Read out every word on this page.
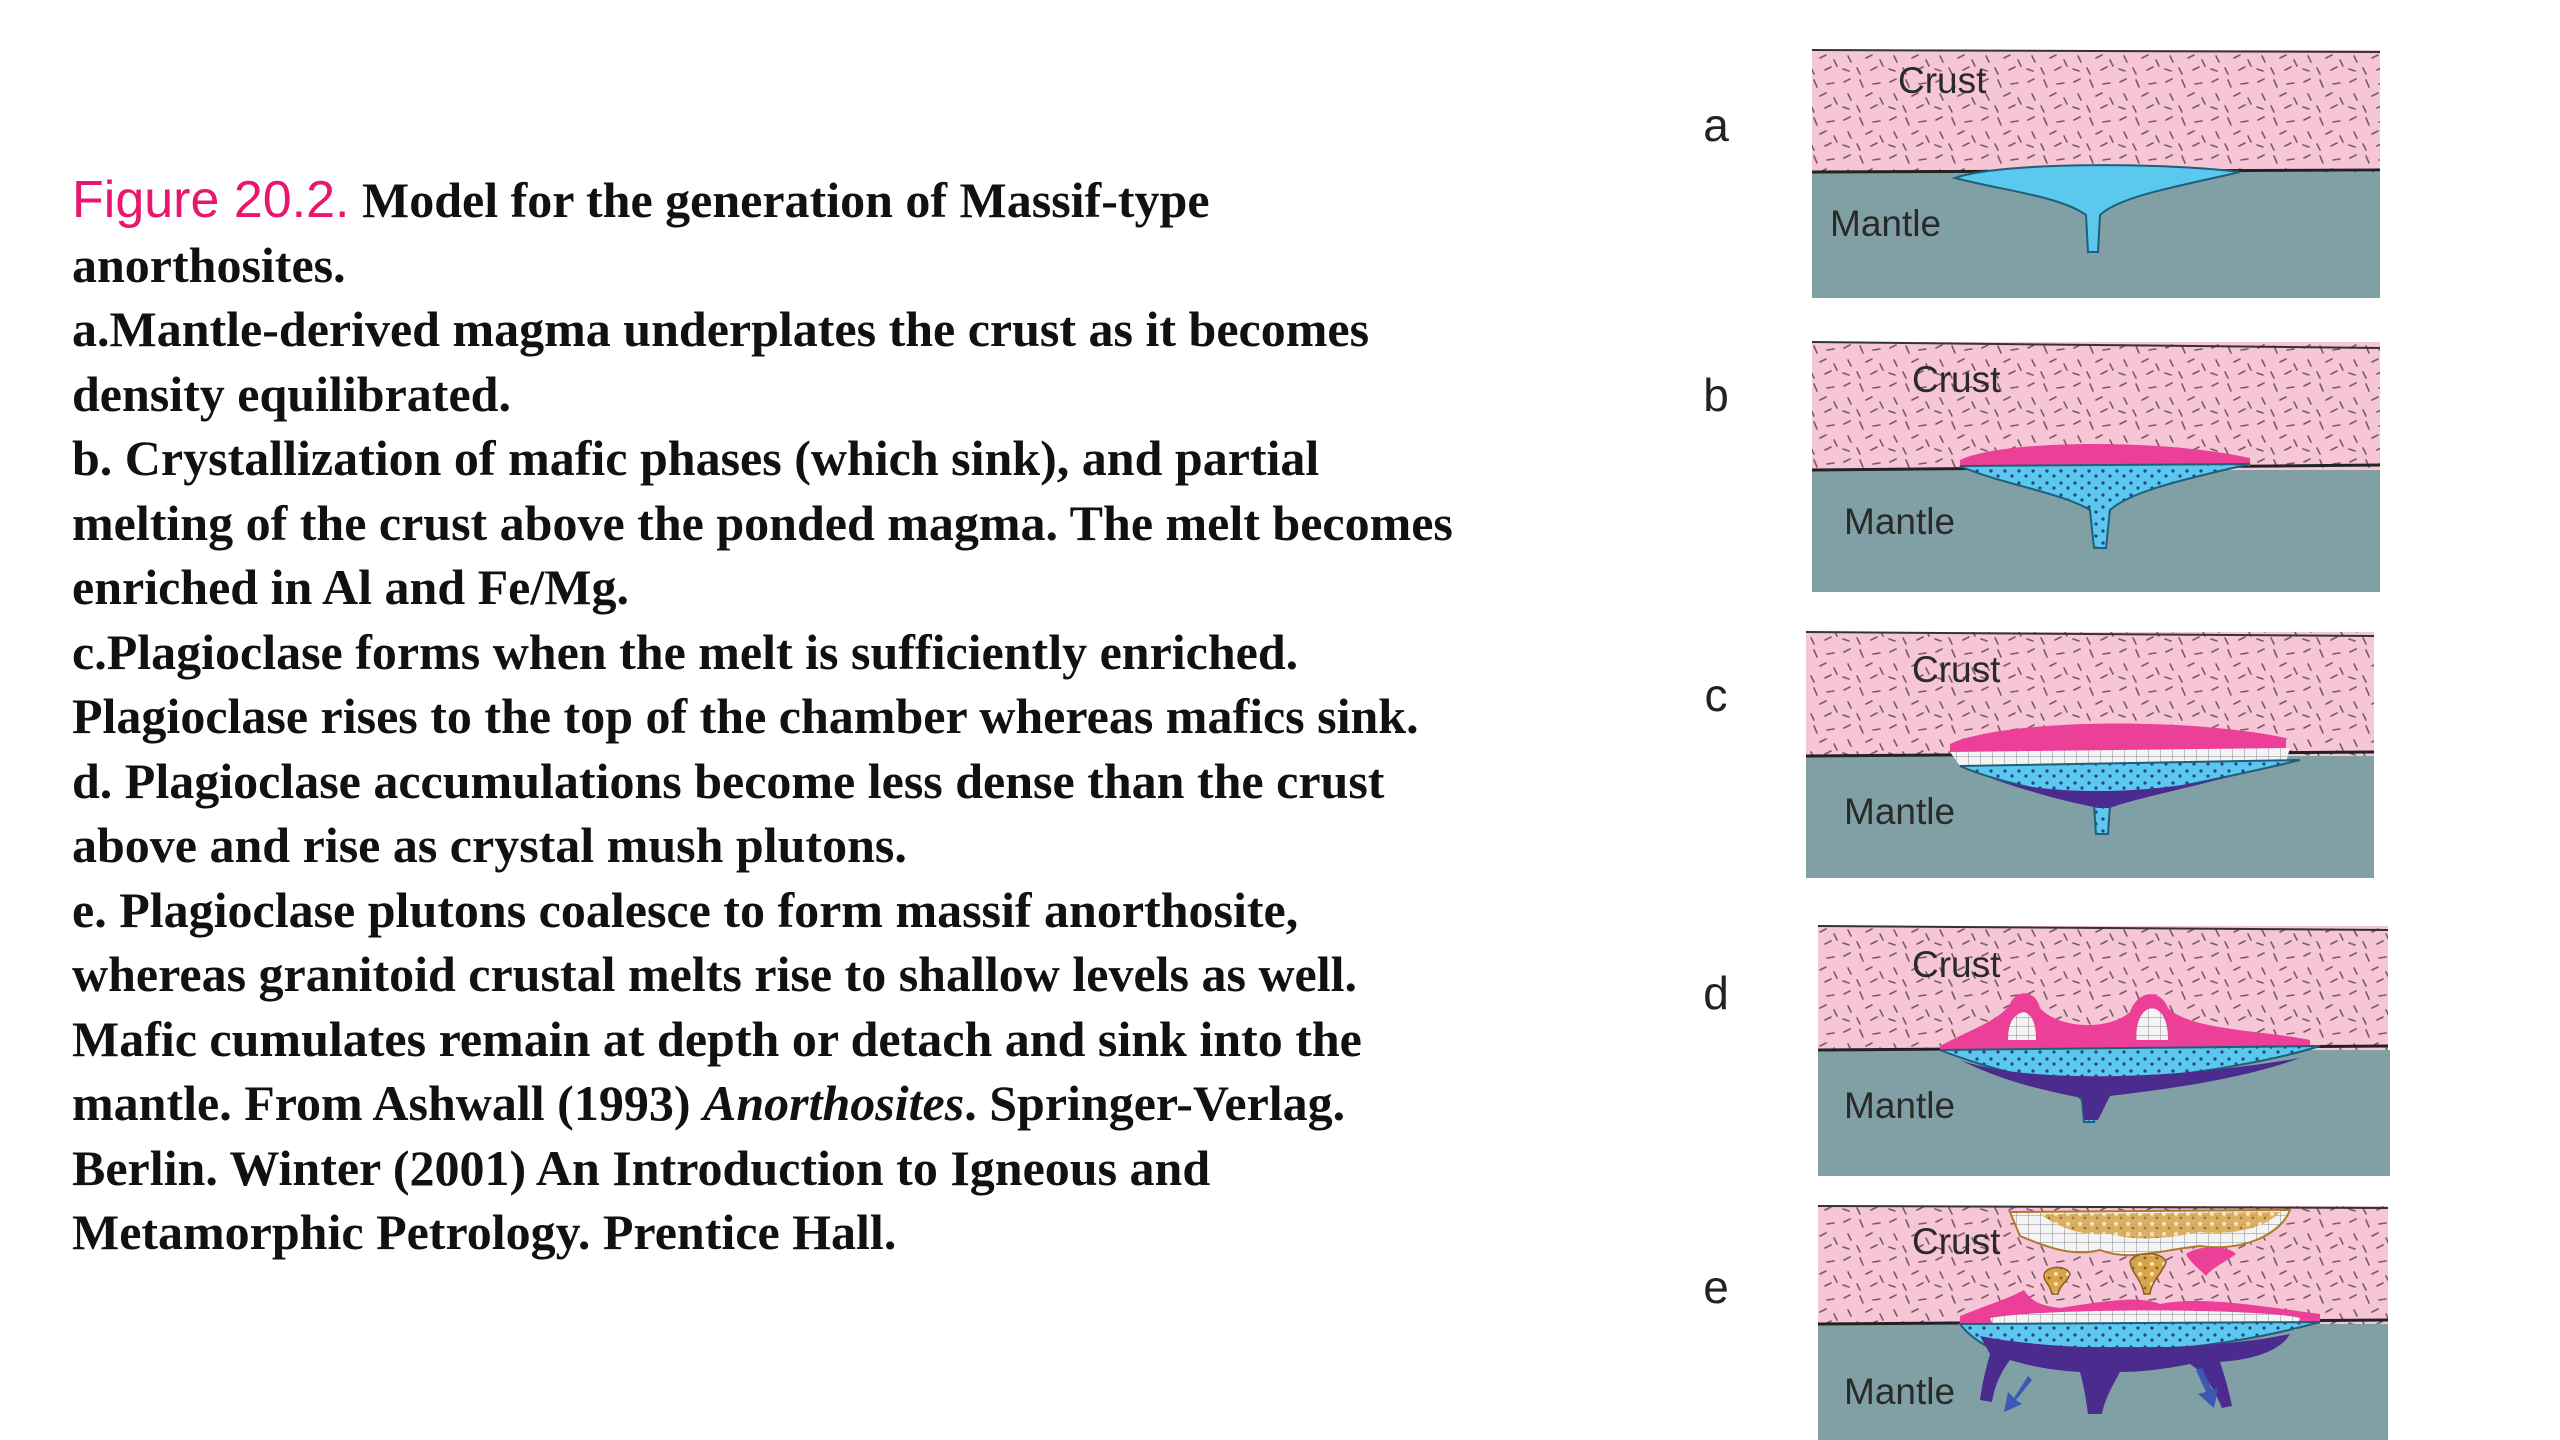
Figure 20.2. Model for the generation of Massif-type
anorthosites.
a.Mantle-derived magma underplates the crust as it becomes
density equilibrated.
b. Crystallization of mafic phases (which sink), and partial
melting of the crust above the ponded magma. The melt becomes
enriched in Al and Fe/Mg.
c.Plagioclase forms when the melt is sufficiently enriched.
Plagioclase rises to the top of the chamber whereas mafics sink.
d. Plagioclase accumulations become less dense than the crust
above and rise as crystal mush plutons.
e. Plagioclase plutons coalesce to form massif anorthosite,
whereas granitoid crustal melts rise to shallow levels as well.
Mafic cumulates remain at depth or detach and sink into the
mantle. From Ashwall (1993) Anorthosites. Springer-Verlag.
Berlin. Winter (2001) An Introduction to Igneous and
Metamorphic Petrology. Prentice Hall.
a
b
c
d
e
Crust
Mantle
Crust
Mantle
Crust
Mantle
Crust
Mantle
Crust
Mantle
